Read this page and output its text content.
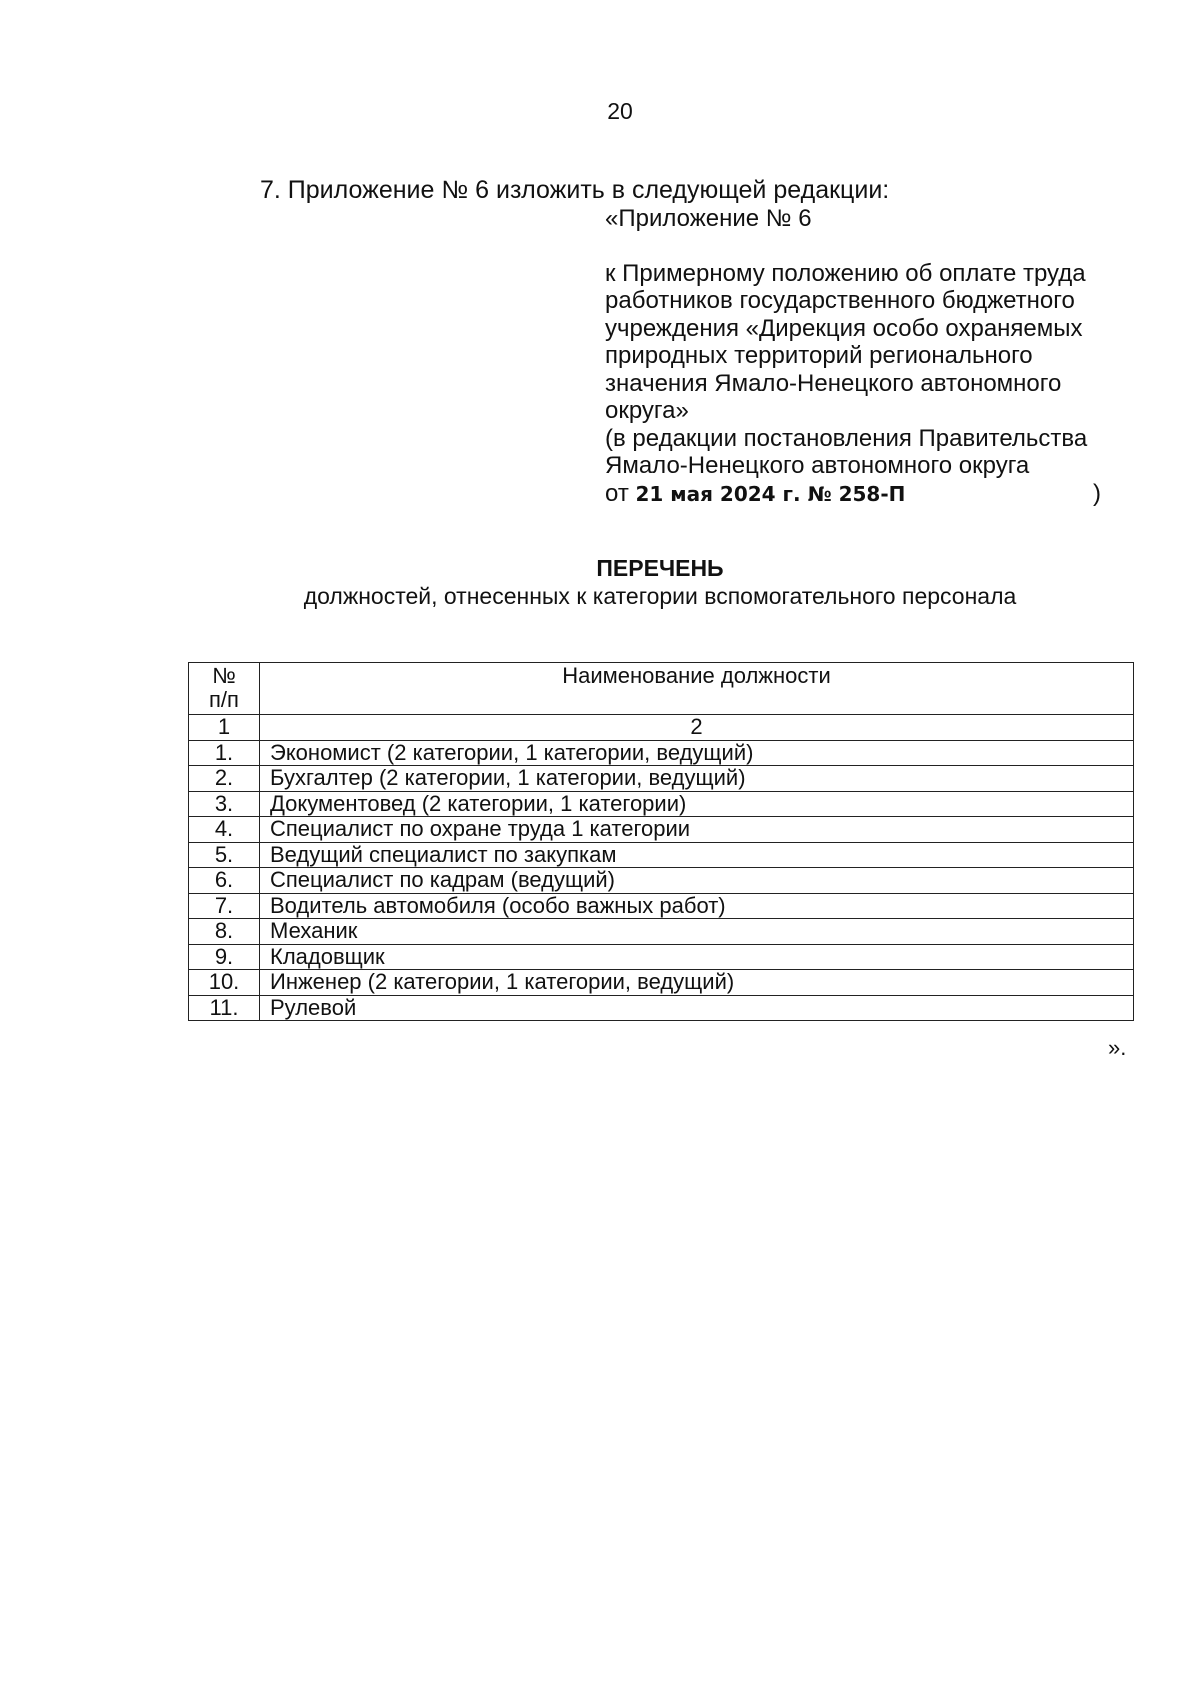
20
7. Приложение № 6 изложить в следующей редакции:
«Приложение № 6
к Примерному положению об оплате труда
работников государственного бюджетного
учреждения «Дирекция особо охраняемых
природных территорий регионального
значения Ямало-Ненецкого автономного
округа»
(в редакции постановления Правительства
Ямало-Ненецкого автономного округа
от 21 мая 2024 г. № 258-П	)
ПЕРЕЧЕНЬ
должностей, отнесенных к категории вспомогательного персонала
№
п/п	Наименование должности
1	2
1.	Экономист (2 категории, 1 категории, ведущий)
2.	Бухгалтер (2 категории, 1 категории, ведущий)
3.	Документовед (2 категории, 1 категории)
4.	Специалист по охране труда 1 категории
5.	Ведущий специалист по закупкам
6.	Специалист по кадрам (ведущий)
7.	Водитель автомобиля (особо важных работ)
8.	Механик
9.	Кладовщик
10.	Инженер (2 категории, 1 категории, ведущий)
11.	Рулевой
».
